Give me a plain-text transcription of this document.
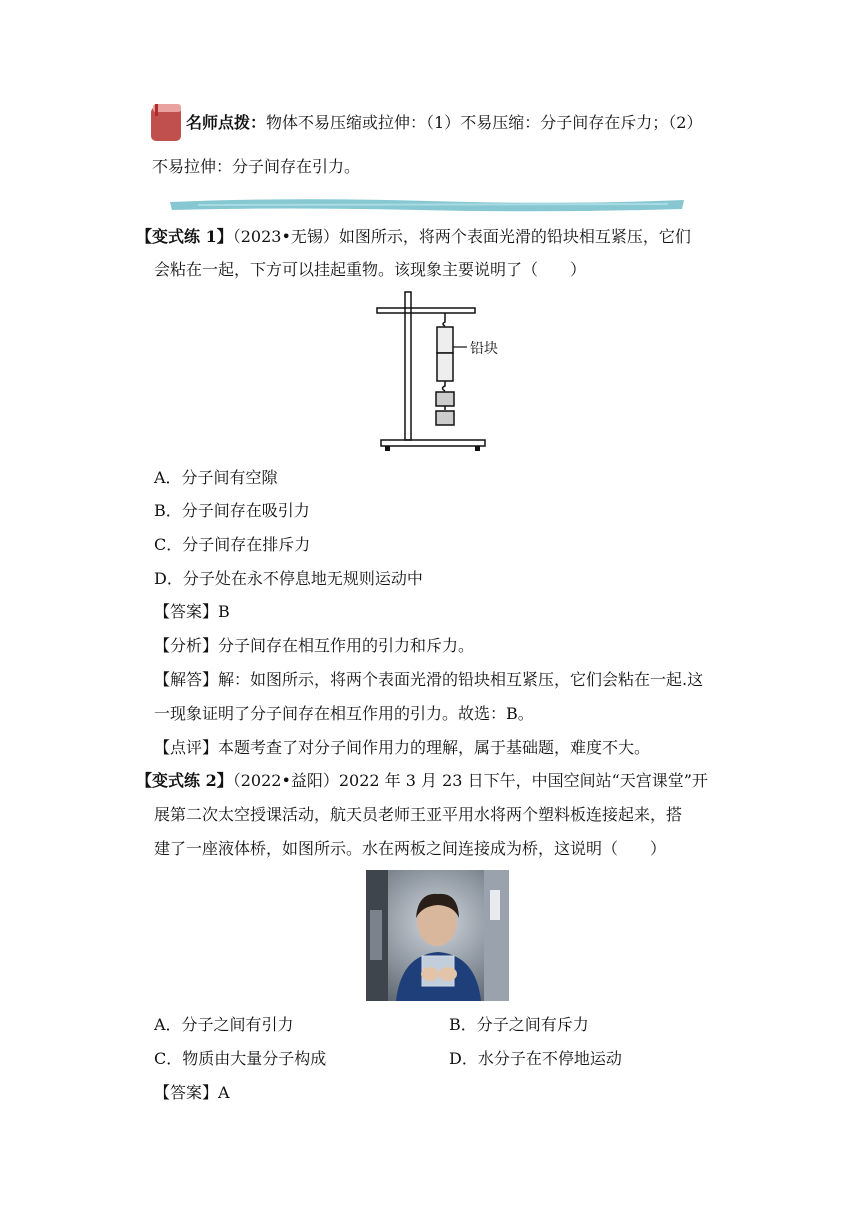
名师点拨：物体不易压缩或拉伸：（1）不易压缩：分子间存在斥力；（2）
不易拉伸：分子间存在引力。
【变式练 1】（2023•无锡）如图所示，将两个表面光滑的铅块相互紧压，它们
会粘在一起，下方可以挂起重物。该现象主要说明了（　　）
铅块
A．分子间有空隙
B．分子间存在吸引力
C．分子间存在排斥力
D．分子处在永不停息地无规则运动中
【答案】B
【分析】分子间存在相互作用的引力和斥力。
【解答】解：如图所示，将两个表面光滑的铅块相互紧压，它们会粘在一起.这
一现象证明了分子间存在相互作用的引力。故选：B。
【点评】本题考查了对分子间作用力的理解，属于基础题，难度不大。
【变式练 2】（2022•益阳）2022 年 3 月 23 日下午，中国空间站“天宫课堂”开
展第二次太空授课活动，航天员老师王亚平用水将两个塑料板连接起来，搭
建了一座液体桥，如图所示。水在两板之间连接成为桥，这说明（　　）
A．分子之间有引力	B．分子之间有斥力
C．物质由大量分子构成	D．水分子在不停地运动
【答案】A
